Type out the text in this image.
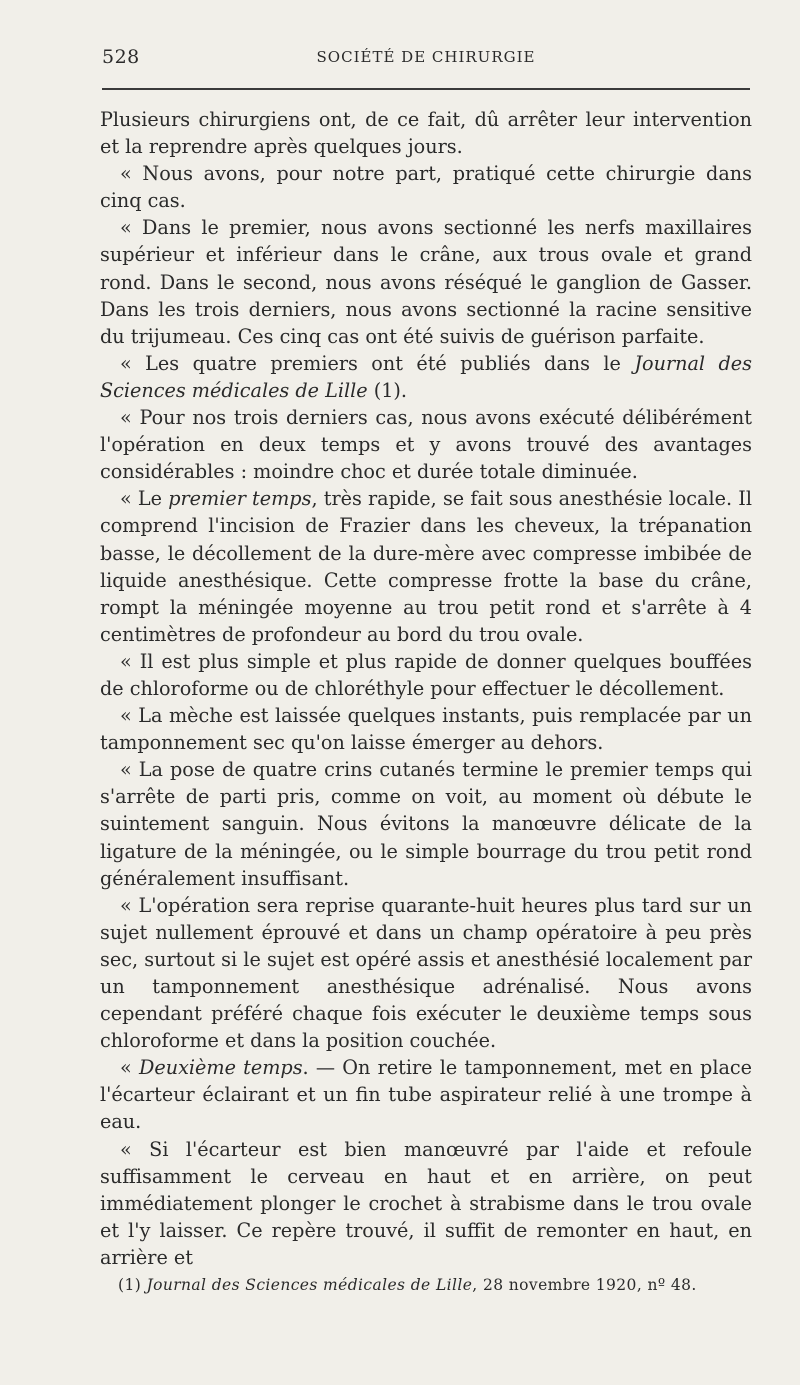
528	SOCIÉTÉ DE CHIRURGIE

Plusieurs chirurgiens ont, de ce fait, dû arrêter leur intervention et la reprendre après quelques jours.

« Nous avons, pour notre part, pratiqué cette chirurgie dans cinq cas.

« Dans le premier, nous avons sectionné les nerfs maxillaires supérieur et inférieur dans le crâne, aux trous ovale et grand rond. Dans le second, nous avons réséqué le ganglion de Gasser. Dans les trois derniers, nous avons sectionné la racine sensitive du trijumeau. Ces cinq cas ont été suivis de guérison parfaite.

« Les quatre premiers ont été publiés dans le Journal des Sciences médicales de Lille (1).

« Pour nos trois derniers cas, nous avons exécuté délibérément l'opération en deux temps et y avons trouvé des avantages considérables : moindre choc et durée totale diminuée.

« Le premier temps, très rapide, se fait sous anesthésie locale. Il comprend l'incision de Frazier dans les cheveux, la trépanation basse, le décollement de la dure-mère avec compresse imbibée de liquide anesthésique. Cette compresse frotte la base du crâne, rompt la méningée moyenne au trou petit rond et s'arrête à 4 centimètres de profondeur au bord du trou ovale.

« Il est plus simple et plus rapide de donner quelques bouffées de chloroforme ou de chloréthyle pour effectuer le décollement.

« La mèche est laissée quelques instants, puis remplacée par un tamponnement sec qu'on laisse émerger au dehors.

« La pose de quatre crins cutanés termine le premier temps qui s'arrête de parti pris, comme on voit, au moment où débute le suintement sanguin. Nous évitons la manœuvre délicate de la ligature de la méningée, ou le simple bourrage du trou petit rond généralement insuffisant.

« L'opération sera reprise quarante-huit heures plus tard sur un sujet nullement éprouvé et dans un champ opératoire à peu près sec, surtout si le sujet est opéré assis et anesthésié localement par un tamponnement anesthésique adrénalisé. Nous avons cependant préféré chaque fois exécuter le deuxième temps sous chloroforme et dans la position couchée.

« Deuxième temps. — On retire le tamponnement, met en place l'écarteur éclairant et un fin tube aspirateur relié à une trompe à eau.

« Si l'écarteur est bien manœuvré par l'aide et refoule suffisamment le cerveau en haut et en arrière, on peut immédiatement plonger le crochet à strabisme dans le trou ovale et l'y laisser. Ce repère trouvé, il suffit de remonter en haut, en arrière et

(1) Journal des Sciences médicales de Lille, 28 novembre 1920, nº 48.
